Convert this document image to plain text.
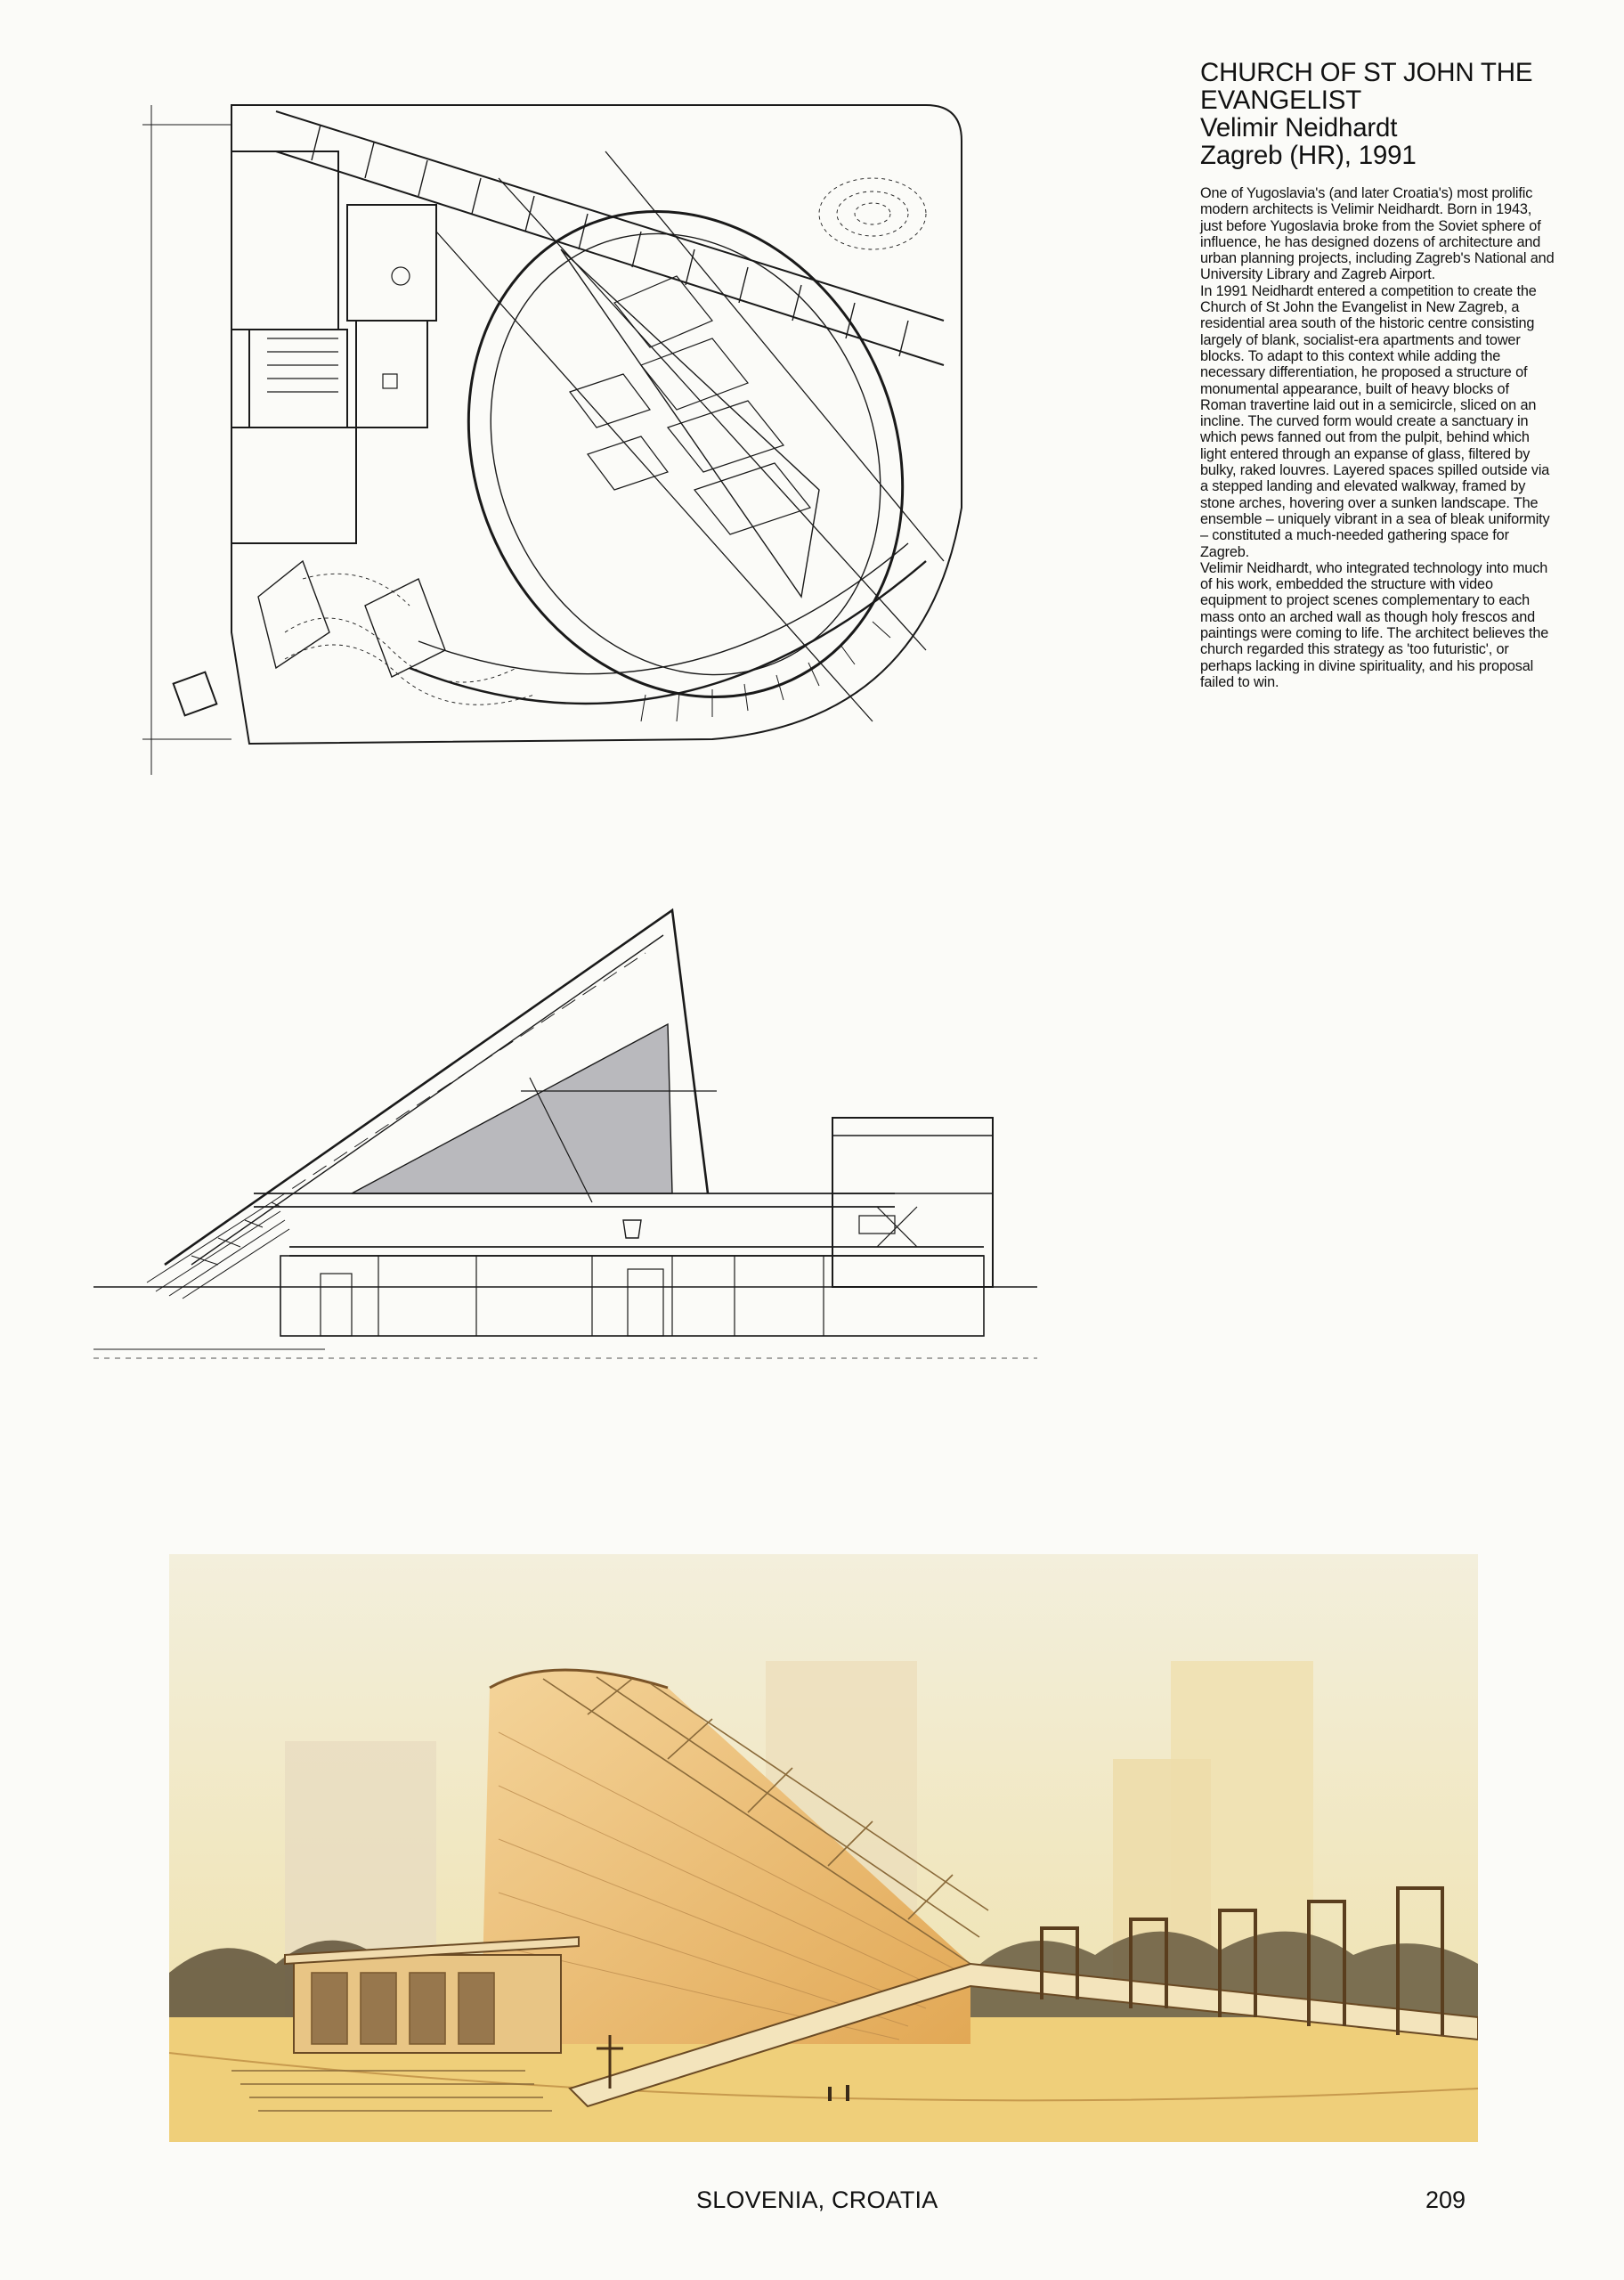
CHURCH OF ST JOHN THE
EVANGELIST
Velimir Neidhardt
Zagreb (HR), 1991

One of Yugoslavia's (and later Croatia's) most prolific modern architects is Velimir Neidhardt. Born in 1943, just before Yugoslavia broke from the Soviet sphere of influence, he has designed dozens of architecture and urban planning projects, including Zagreb's National and University Library and Zagreb Airport.

In 1991 Neidhardt entered a competition to create the Church of St John the Evangelist in New Zagreb, a residential area south of the historic centre consisting largely of blank, socialist-era apartments and tower blocks. To adapt to this context while adding the necessary differentiation, he proposed a structure of monumental appearance, built of heavy blocks of Roman travertine laid out in a semicircle, sliced on an incline. The curved form would create a sanctuary in which pews fanned out from the pulpit, behind which light entered through an expanse of glass, filtered by bulky, raked louvres. Layered spaces spilled outside via a stepped landing and elevated walkway, framed by stone arches, hovering over a sunken landscape. The ensemble – uniquely vibrant in a sea of bleak uniformity – constituted a much-needed gathering space for Zagreb.

Velimir Neidhardt, who integrated technology into much of his work, embedded the structure with video equipment to project scenes complementary to each mass onto an arched wall as though holy frescos and paintings were coming to life. The architect believes the church regarded this strategy as 'too futuristic', or perhaps lacking in divine spirituality, and his proposal failed to win.

SLOVENIA, CROATIA	209
